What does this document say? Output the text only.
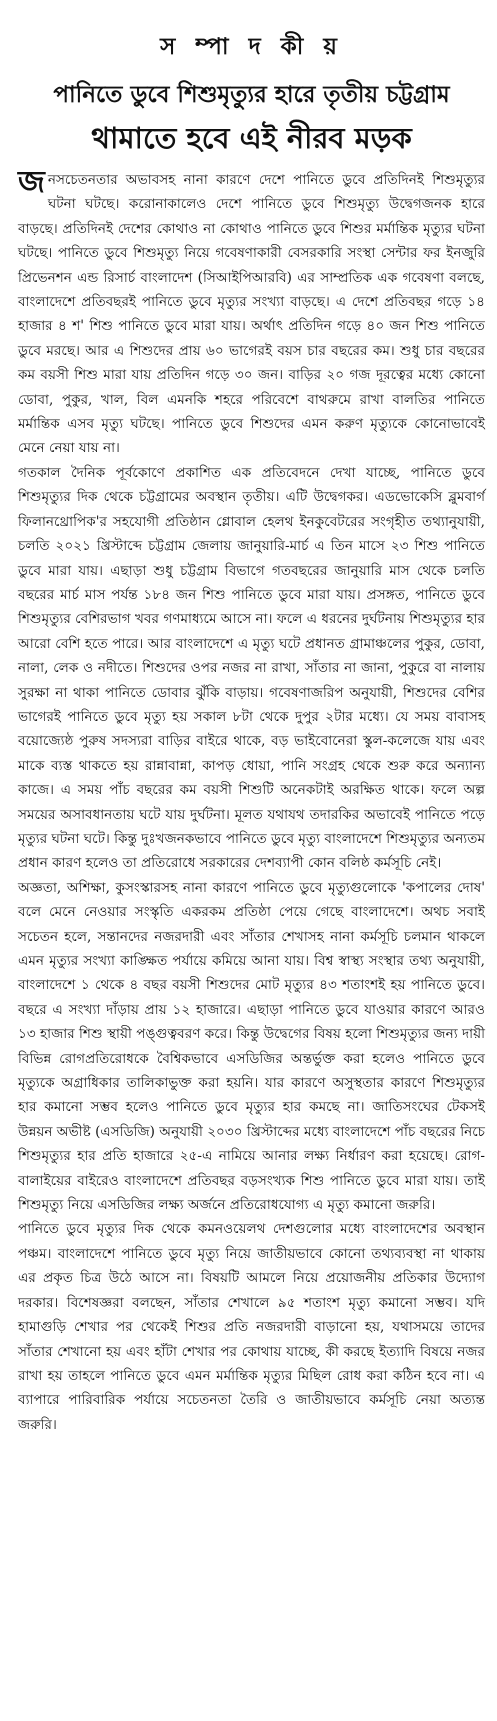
স ম্পা দ কী য়
পানিতে ডুবে শিশুমৃত্যুর হারে তৃতীয় চট্টগ্রাম
থামাতে হবে এই নীরব মড়ক

জনসচেতনতার অভাবসহ নানা কারণে দেশে পানিতে ডুবে প্রতিদিনই শিশুমৃত্যুর ঘটনা ঘটছে। করোনাকালেও দেশে পানিতে ডুবে শিশুমৃত্যু উদ্বেগজনক হারে বাড়ছে। প্রতিদিনই দেশের কোথাও না কোথাও পানিতে ডুবে শিশুর মর্মান্তিক মৃত্যুর ঘটনা ঘটছে। পানিতে ডুবে শিশুমৃত্যু নিয়ে গবেষণাকারী বেসরকারি সংস্থা সেন্টার ফর ইনজুরি প্রিভেনশন এন্ড রিসার্চ বাংলাদেশ (সিআইপিআরবি) এর সাম্প্রতিক এক গবেষণা বলছে, বাংলাদেশে প্রতিবছরই পানিতে ডুবে মৃত্যুর সংখ্যা বাড়ছে। এ দেশে প্রতিবছর গড়ে ১৪ হাজার ৪ শ' শিশু পানিতে ডুবে মারা যায়। অর্থাৎ প্রতিদিন গড়ে ৪০ জন শিশু পানিতে ডুবে মরছে। আর এ শিশুদের প্রায় ৬০ ভাগেরই বয়স চার বছরের কম। শুধু চার বছরের কম বয়সী শিশু মারা যায় প্রতিদিন গড়ে ৩০ জন। বাড়ির ২০ গজ দূরত্বের মধ্যে কোনো ডোবা, পুকুর, খাল, বিল এমনকি শহরে পরিবেশে বাথরুমে রাখা বালতির পানিতে মর্মান্তিক এসব মৃত্যু ঘটছে। পানিতে ডুবে শিশুদের এমন করুণ মৃত্যুকে কোনোভাবেই মেনে নেয়া যায় না।

গতকাল দৈনিক পূর্বকোণে প্রকাশিত এক প্রতিবেদনে দেখা যাচ্ছে, পানিতে ডুবে শিশুমৃত্যুর দিক থেকে চট্টগ্রামের অবস্থান তৃতীয়। এটি উদ্বেগকর। এডভোকেসি ব্লুমবার্গ ফিলানথ্রোপিক'র সহযোগী প্রতিষ্ঠান গ্লোবাল হেলথ ইনকুবেটরের সংগৃহীত তথ্যানুযায়ী, চলতি ২০২১ খ্রিস্টাব্দে চট্টগ্রাম জেলায় জানুয়ারি-মার্চ এ তিন মাসে ২৩ শিশু পানিতে ডুবে মারা যায়। এছাড়া শুধু চট্টগ্রাম বিভাগে গতবছরের জানুয়ারি মাস থেকে চলতি বছরের মার্চ মাস পর্যন্ত ১৮৪ জন শিশু পানিতে ডুবে মারা যায়। প্রসঙ্গত, পানিতে ডুবে শিশুমৃত্যুর বেশিরভাগ খবর গণমাধ্যমে আসে না। ফলে এ ধরনের দুর্ঘটনায় শিশুমৃত্যুর হার আরো বেশি হতে পারে। আর বাংলাদেশে এ মৃত্যু ঘটে প্রধানত গ্রামাঞ্চলের পুকুর, ডোবা, নালা, লেক ও নদীতে। শিশুদের ওপর নজর না রাখা, সাঁতার না জানা, পুকুরে বা নালায় সুরক্ষা না থাকা পানিতে ডোবার ঝুঁকি বাড়ায়। গবেষণাজরিপ অনুযায়ী, শিশুদের বেশির ভাগেরই পানিতে ডুবে মৃত্যু হয় সকাল ৮টা থেকে দুপুর ২টার মধ্যে। যে সময় বাবাসহ বয়োজ্যেষ্ঠ পুরুষ সদস্যরা বাড়ির বাইরে থাকে, বড় ভাইবোনেরা স্কুল-কলেজে যায় এবং মাকে ব্যস্ত থাকতে হয় রান্নাবান্না, কাপড় ধোয়া, পানি সংগ্রহ থেকে শুরু করে অন্যান্য কাজে। এ সময় পাঁচ বছরের কম বয়সী শিশুটি অনেকটাই অরক্ষিত থাকে। ফলে অল্প সময়ের অসাবধানতায় ঘটে যায় দুর্ঘটনা। মূলত যথাযথ তদারকির অভাবেই পানিতে পড়ে মৃত্যুর ঘটনা ঘটে। কিন্তু দুঃখজনকভাবে পানিতে ডুবে মৃত্যু বাংলাদেশে শিশুমৃত্যুর অন্যতম প্রধান কারণ হলেও তা প্রতিরোধে সরকারের দেশব্যাপী কোন বলিষ্ঠ কর্মসূচি নেই।

অজ্ঞতা, অশিক্ষা, কুসংস্কারসহ নানা কারণে পানিতে ডুবে মৃত্যুগুলোকে 'কপালের দোষ' বলে মেনে নেওয়ার সংস্কৃতি একরকম প্রতিষ্ঠা পেয়ে গেছে বাংলাদেশে। অথচ সবাই সচেতন হলে, সন্তানদের নজরদারী এবং সাঁতার শেখাসহ নানা কর্মসূচি চলমান থাকলে এমন মৃত্যুর সংখ্যা কাঙ্ক্ষিত পর্যায়ে কমিয়ে আনা যায়। বিশ্ব স্বাস্থ্য সংস্থার তথ্য অনুযায়ী, বাংলাদেশে ১ থেকে ৪ বছর বয়সী শিশুদের মোট মৃত্যুর ৪৩ শতাংশই হয় পানিতে ডুবে। বছরে এ সংখ্যা দাঁড়ায় প্রায় ১২ হাজারে। এছাড়া পানিতে ডুবে যাওয়ার কারণে আরও ১৩ হাজার শিশু স্থায়ী পঙ্গুত্ববরণ করে। কিন্তু উদ্বেগের বিষয় হলো শিশুমৃত্যুর জন্য দায়ী বিভিন্ন রোগপ্রতিরোধকে বৈশ্বিকভাবে এসডিজির অন্তর্ভুক্ত করা হলেও পানিতে ডুবে মৃত্যুকে অগ্রাধিকার তালিকাভুক্ত করা হয়নি। যার কারণে অসুস্থতার কারণে শিশুমৃত্যুর হার কমানো সম্ভব হলেও পানিতে ডুবে মৃত্যুর হার কমছে না। জাতিসংঘের টেকসই উন্নয়ন অভীষ্ট (এসডিজি) অনুযায়ী ২০৩০ খ্রিস্টাব্দের মধ্যে বাংলাদেশে পাঁচ বছরের নিচে শিশুমৃত্যুর হার প্রতি হাজারে ২৫-এ নামিয়ে আনার লক্ষ্য নির্ধারণ করা হয়েছে। রোগ-বালাইয়ের বাইরেও বাংলাদেশে প্রতিবছর বড়সংখ্যক শিশু পানিতে ডুবে মারা যায়। তাই শিশুমৃত্যু নিয়ে এসডিজির লক্ষ্য অর্জনে প্রতিরোধযোগ্য এ মৃত্যু কমানো জরুরি।

পানিতে ডুবে মৃত্যুর দিক থেকে কমনওয়েলথ দেশগুলোর মধ্যে বাংলাদেশের অবস্থান পঞ্চম। বাংলাদেশে পানিতে ডুবে মৃত্যু নিয়ে জাতীয়ভাবে কোনো তথ্যব্যবস্থা না থাকায় এর প্রকৃত চিত্র উঠে আসে না। বিষয়টি আমলে নিয়ে প্রয়োজনীয় প্রতিকার উদ্যোগ দরকার। বিশেষজ্ঞরা বলছেন, সাঁতার শেখালে ৯৫ শতাংশ মৃত্যু কমানো সম্ভব। যদি হামাগুড়ি শেখার পর থেকেই শিশুর প্রতি নজরদারী বাড়ানো হয়, যথাসময়ে তাদের সাঁতার শেখানো হয় এবং হাঁটা শেখার পর কোথায় যাচ্ছে, কী করছে ইত্যাদি বিষয়ে নজর রাখা হয় তাহলে পানিতে ডুবে এমন মর্মান্তিক মৃত্যুর মিছিল রোধ করা কঠিন হবে না। এ ব্যাপারে পারিবারিক পর্যায়ে সচেতনতা তৈরি ও জাতীয়ভাবে কর্মসূচি নেয়া অত্যন্ত জরুরি।
